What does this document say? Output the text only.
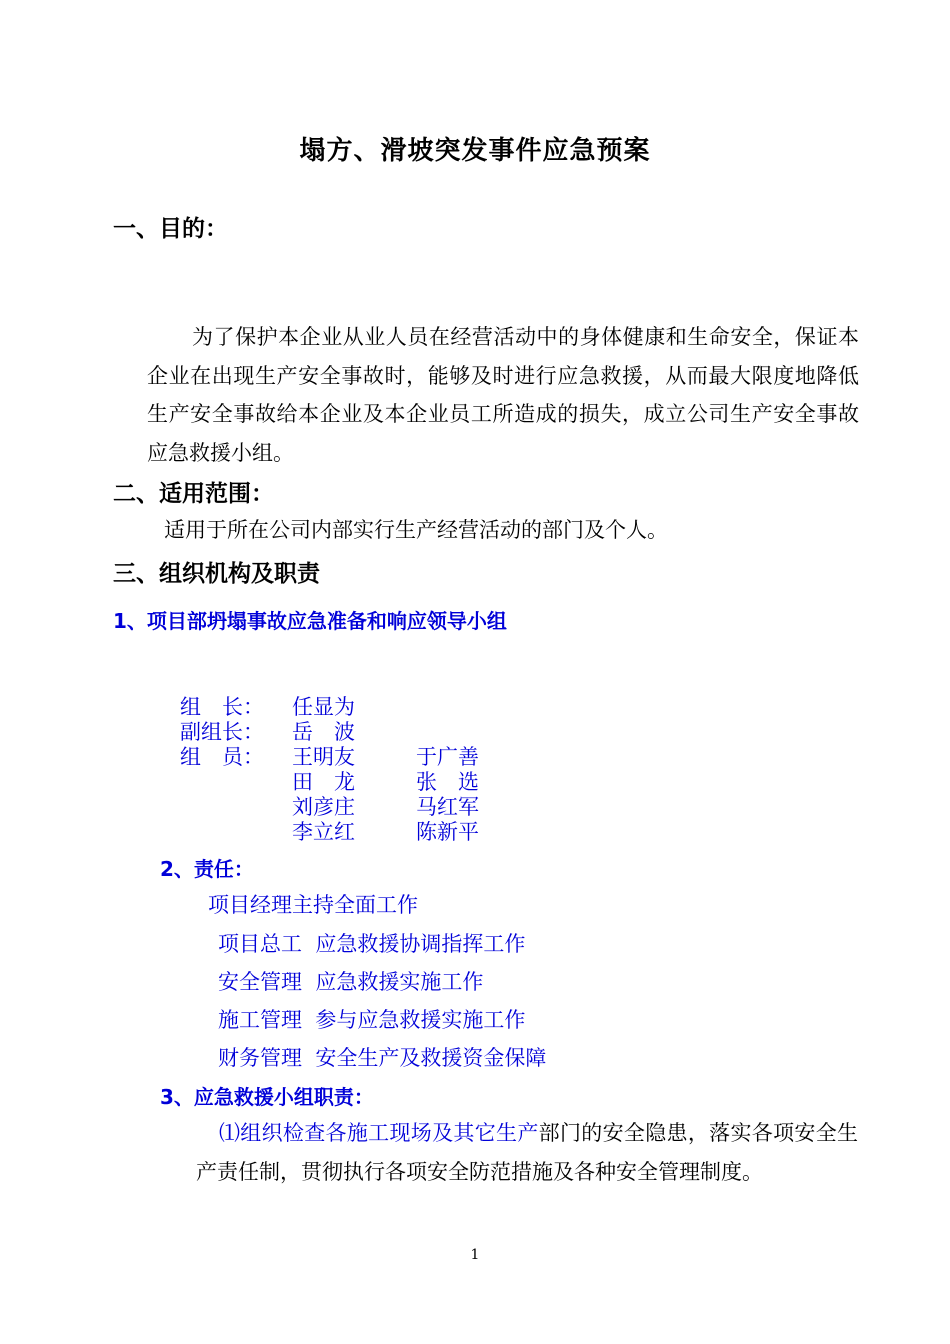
塌方、滑坡突发事件应急预案
一、目的：
为了保护本企业从业人员在经营活动中的身体健康和生命安全，保证本企业在出现生产安全事故时，能够及时进行应急救援，从而最大限度地降低生产安全事故给本企业及本企业员工所造成的损失，成立公司生产安全事故应急救援小组。
二、适用范围：
适用于所在公司内部实行生产经营活动的部门及个人。
三、组织机构及职责
1、项目部坍塌事故应急准备和响应领导小组
组　长： 任显为
副组长： 岳　波
组　员： 王明友
田　龙
刘彦庄
李立红
于广善
张　选
马红军
陈新平
2、责任：
项目经理主持全面工作
项目总工  应急救援协调指挥工作
安全管理  应急救援实施工作
施工管理  参与应急救援实施工作
财务管理  安全生产及救援资金保障
3、应急救援小组职责：
⑴组织检查各施工现场及其它生产部门的安全隐患，落实各项安全生产责任制，贯彻执行各项安全防范措施及各种安全管理制度。
1
